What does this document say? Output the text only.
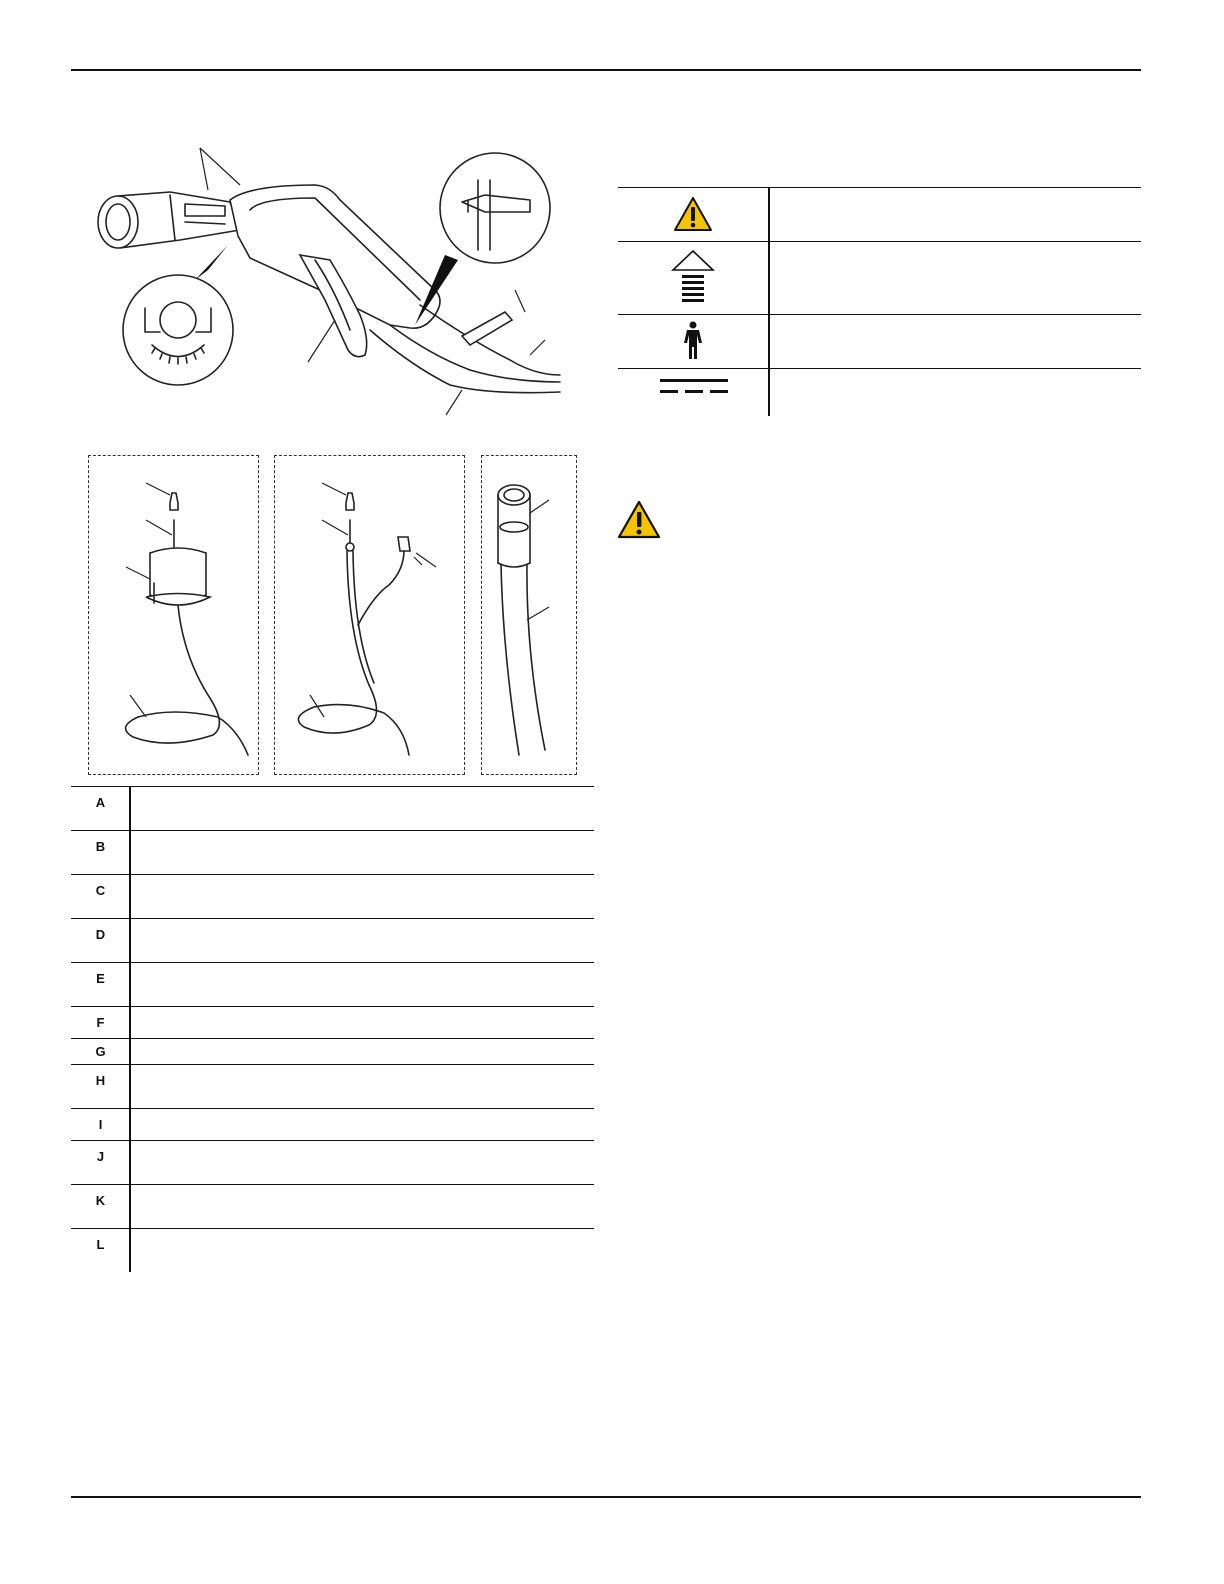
A
B
C
D
E
F
G
H
I
J
K
L
